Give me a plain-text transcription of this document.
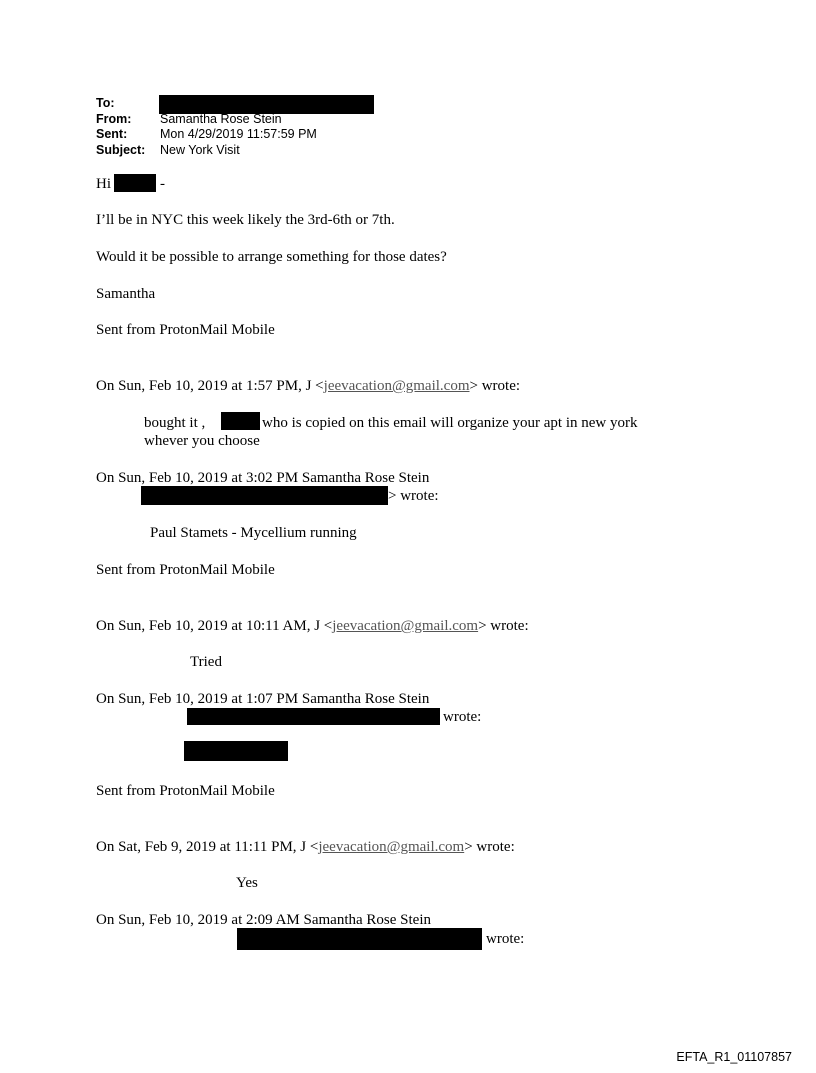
To:
From: Samantha Rose Stein
Sent:	Mon 4/29/2019 11:57:59 PM
Subject: New York Visit
Hi	-
I’ll be in NYC this week likely the 3rd-6th or 7th.
Would it be possible to arrange something for those dates?
Samantha
Sent from ProtonMail Mobile
On Sun, Feb 10, 2019 at 1:57 PM, J <jeevacation@gmail.com> wrote:
bought it ,	who is copied on this email will organize your apt in new york
whever you choose
On Sun, Feb 10, 2019 at 3:02 PM Samantha Rose Stein
> wrote:
Paul Stamets - Mycellium running
Sent from ProtonMail Mobile
On Sun, Feb 10, 2019 at 10:11 AM, J <jeevacation@gmail.com> wrote:
Tried
On Sun, Feb 10, 2019 at 1:07 PM Samantha Rose Stein
wrote:
Sent from ProtonMail Mobile
On Sat, Feb 9, 2019 at 11:11 PM, J <jeevacation@gmail.com> wrote:
Yes
On Sun, Feb 10, 2019 at 2:09 AM Samantha Rose Stein
wrote:
EFTA_R1_01107857
